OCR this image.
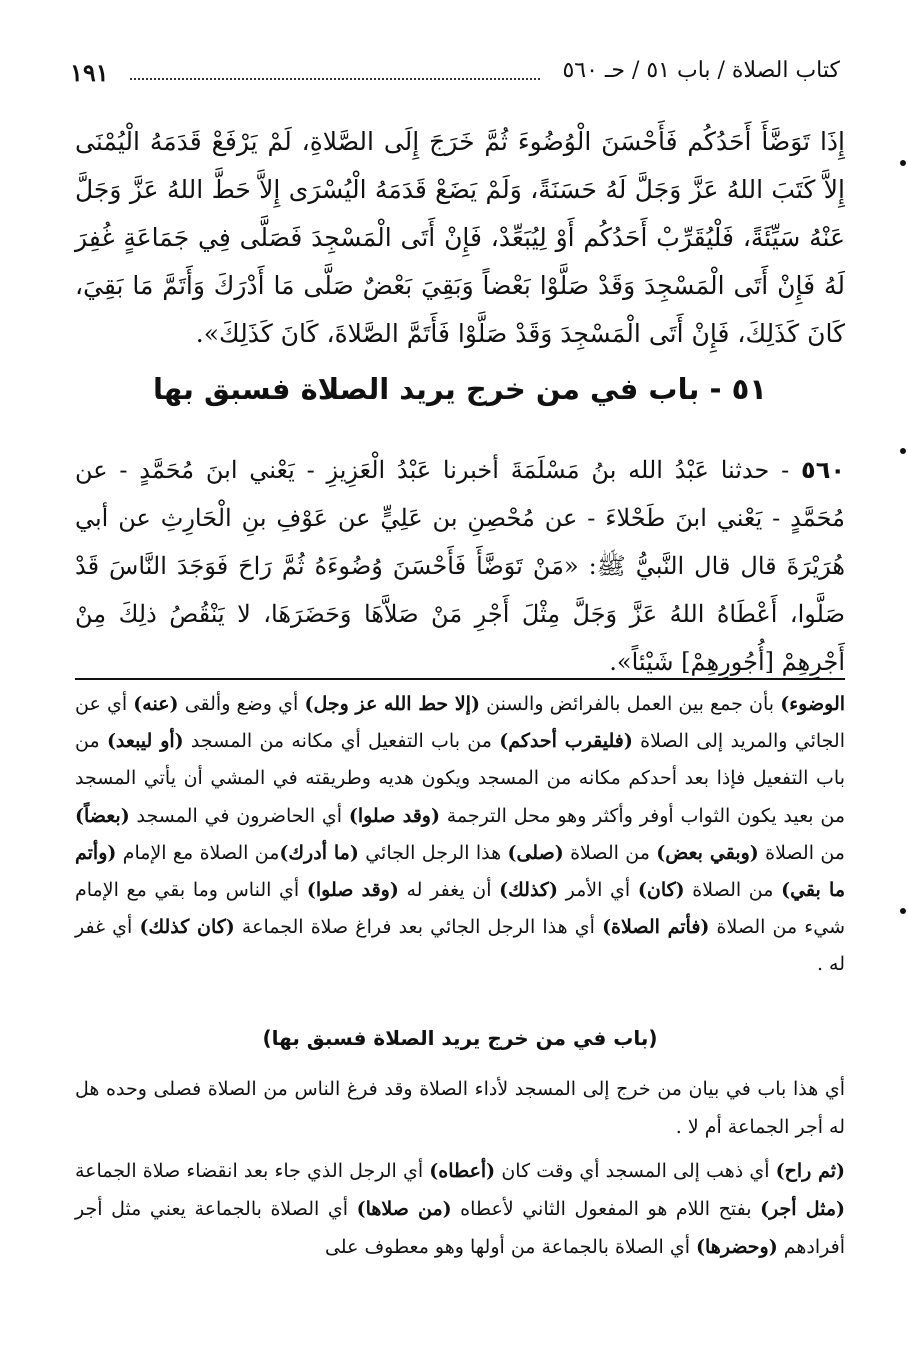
كتاب الصلاة / باب ٥١ / حـ ٥٦٠
١٩١

إِذَا تَوَضَّأَ أَحَدُكُم فَأَحْسَنَ الْوُضُوءَ ثُمَّ خَرَجَ إِلَى الصَّلاةِ، لَمْ يَرْفَعْ قَدَمَهُ الْيُمْنَى إِلاَّ كَتَبَ اللهُ عَزَّ وَجَلَّ لَهُ حَسَنَةً، وَلَمْ يَضَعْ قَدَمَهُ الْيُسْرَى إِلاَّ حَطَّ اللهُ عَزَّ وَجَلَّ عَنْهُ سَيِّئَةً، فَلْيُقَرِّبْ أَحَدُكُم أَوْ لِيُبَعِّدْ، فَإِنْ أَتَى الْمَسْجِدَ فَصَلَّى فِي جَمَاعَةٍ غُفِرَ لَهُ فَإِنْ أَتَى الْمَسْجِدَ وَقَدْ صَلَّوْا بَعْضاً وَبَقِيَ بَعْضٌ صَلَّى مَا أَدْرَكَ وَأَتَمَّ مَا بَقِيَ، كَانَ كَذَلِكَ، فَإِنْ أَتَى الْمَسْجِدَ وَقَدْ صَلَّوْا فَأَتَمَّ الصَّلاةَ، كَانَ كَذَلِكَ».

٥١ - باب في من خرج يريد الصلاة فسبق بها

٥٦٠ - حدثنا عَبْدُ الله بنُ مَسْلَمَةَ أخبرنا عَبْدُ الْعَزِيزِ - يَعْني ابنَ مُحَمَّدٍ - عن مُحَمَّدٍ - يَعْني ابنَ طَحْلاءَ - عن مُحْصِنِ بن عَلِيٍّ عن عَوْفِ بنِ الْحَارِثِ عن أبي هُرَيْرَةَ قال قال النَّبيُّ ﷺ: «مَنْ تَوَضَّأَ فَأَحْسَنَ وُضُوءَهُ ثُمَّ رَاحَ فَوَجَدَ النَّاسَ قَدْ صَلَّوا، أَعْطَاهُ اللهُ عَزَّ وَجَلَّ مِثْلَ أَجْرِ مَنْ صَلاَّهَا وَحَضَرَهَا، لا يَنْقُصُ ذلِكَ مِنْ أَجْرِهِمْ [أُجُورِهِمْ] شَيْئاً».

الوضوء) بأن جمع بين العمل بالفرائض والسنن (إلا حط الله عز وجل) أي وضع وألقى (عنه) أي عن الجائي والمريد إلى الصلاة (فليقرب أحدكم) من باب التفعيل أي مكانه من المسجد (أو ليبعد) من باب التفعيل فإذا بعد أحدكم مكانه من المسجد ويكون هديه وطريقته في المشي أن يأتي المسجد من بعيد يكون الثواب أوفر وأكثر وهو محل الترجمة (وقد صلوا) أي الحاضرون في المسجد (بعضاً) من الصلاة (وبقي بعض) من الصلاة (صلى) هذا الرجل الجائي (ما أدرك)من الصلاة مع الإمام (وأتم ما بقي) من الصلاة (كان) أي الأمر (كذلك) أن يغفر له (وقد صلوا) أي الناس وما بقي مع الإمام شيء من الصلاة (فأتم الصلاة) أي هذا الرجل الجائي بعد فراغ صلاة الجماعة (كان كذلك) أي غفر له .

(باب في من خرج يريد الصلاة فسبق بها)

أي هذا باب في بيان من خرج إلى المسجد لأداء الصلاة وقد فرغ الناس من الصلاة فصلى وحده هل له أجر الجماعة أم لا .

(ثم راح) أي ذهب إلى المسجد أي وقت كان (أعطاه) أي الرجل الذي جاء بعد انقضاء صلاة الجماعة (مثل أجر) بفتح اللام هو المفعول الثاني لأعطاه (من صلاها) أي الصلاة بالجماعة يعني مثل أجر أفرادهم (وحضرها) أي الصلاة بالجماعة من أولها وهو معطوف على
